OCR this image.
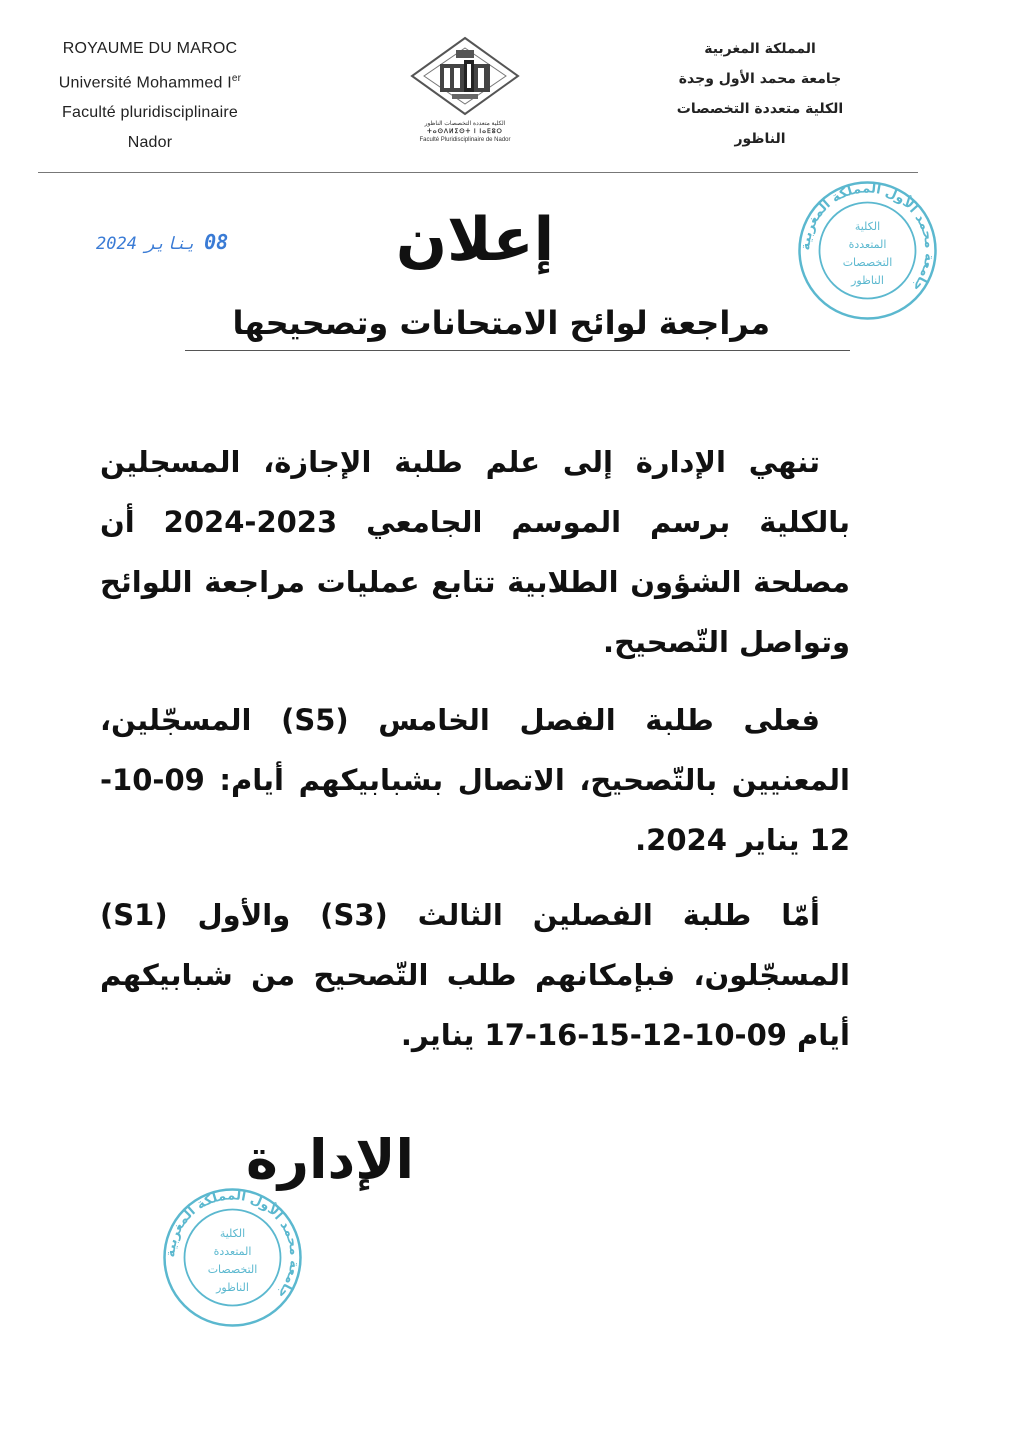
ROYAUME DU MAROC
Université Mohammed Ier
Faculté pluridisciplinaire
Nador
الكلية متعددة التخصصات الناظور
ⵜⴰⵙⴷⵍⵉⵙⵜ ⵏ ⵏⴰⴹⵓⵔ
Faculté Pluridisciplinaire de Nador
المملكة المغربية
جامعة محمد الأول وجدة
الكلية متعددة التخصصات
الناظور
جامعة محمد الأول المملكة المغربية
الكلية
المتعددة
التخصصات
الناظور
2024 يناير 08	إعلان
مراجعة لوائح الامتحانات وتصحيحها
تنهي الإدارة إلى علم طلبة الإجازة، المسجلين بالكلية برسم الموسم الجامعي 2023-2024 أن مصلحة الشؤون الطلابية تتابع عمليات مراجعة اللوائح وتواصل التّصحيح.
فعلى طلبة الفصل الخامس (S5) المسجّلين، المعنيين بالتّصحيح، الاتصال بشبابيكهم أيام: 09-10-12 يناير 2024.
أمّا طلبة الفصلين الثالث (S3) والأول (S1) المسجّلون، فبإمكانهم طلب التّصحيح من شبابيكهم أيام 09-10-12-15-16-17 يناير.
الإدارة
جامعة محمد الأول المملكة المغربية
الكلية
المتعددة
التخصصات
الناظور
